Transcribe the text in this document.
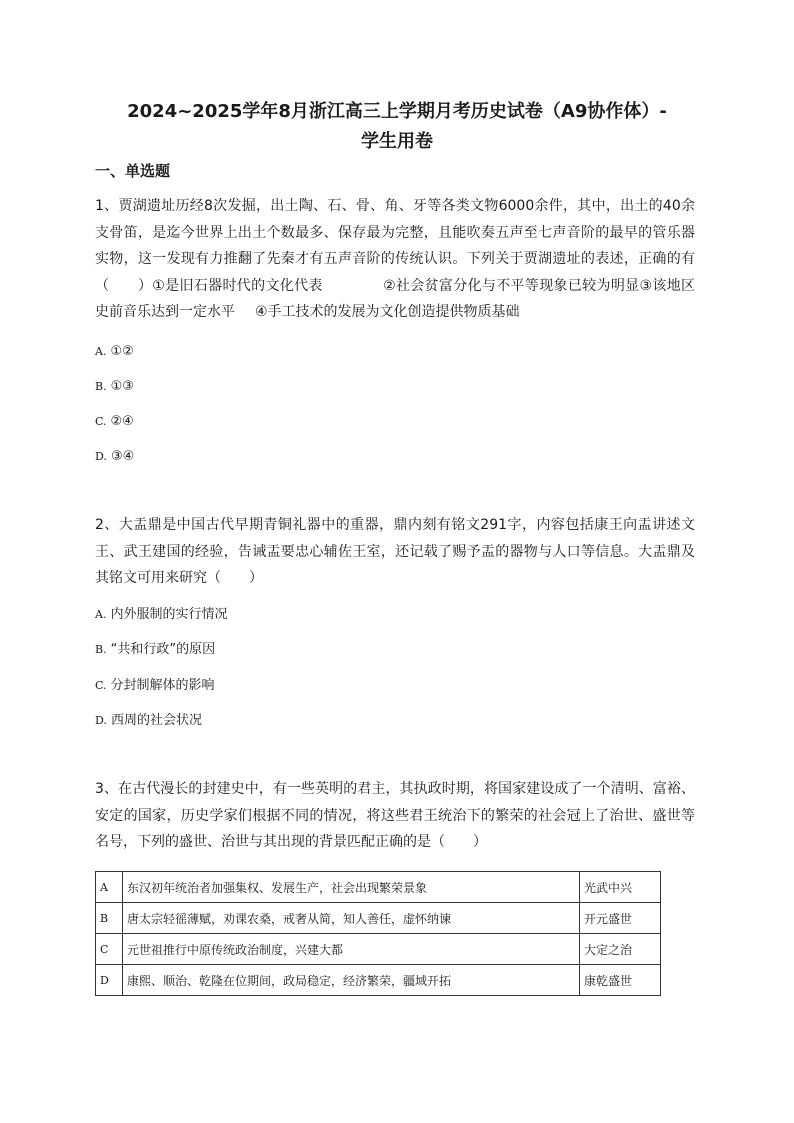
2024~2025学年8月浙江高三上学期月考历史试卷（A9协作体）-
学生用卷
一、单选题

1、贾湖遗址历经8次发掘，出土陶、石、骨、角、牙等各类文物6000余件，其中，出土的40余支骨笛，是迄今世界上出土个数最多、保存最为完整，且能吹奏五声至七声音阶的最早的管乐器实物，这一发现有力推翻了先秦才有五声音阶的传统认识。下列关于贾湖遗址的表述，正确的有（　　）①是旧石器时代的文化代表	②社会贫富分化与不平等现象已较为明显③该地区史前音乐达到一定水平 ④手工技术的发展为文化创造提供物质基础

A. ①②

B. ①③

C. ②④

D. ③④

2、大盂鼎是中国古代早期青铜礼器中的重器，鼎内刻有铭文291字，内容包括康王向盂讲述文王、武王建国的经验，告诫盂要忠心辅佐王室，还记载了赐予盂的器物与人口等信息。大盂鼎及其铭文可用来研究（　　）

A. 内外服制的实行情况

B. “共和行政”的原因

C. 分封制解体的影响

D. 西周的社会状况

3、在古代漫长的封建史中，有一些英明的君主，其执政时期，将国家建设成了一个清明、富裕、安定的国家，历史学家们根据不同的情况，将这些君王统治下的繁荣的社会冠上了治世、盛世等名号，下列的盛世、治世与其出现的背景匹配正确的是（　　）

A	东汉初年统治者加强集权、发展生产，社会出现繁荣景象	光武中兴
B	唐太宗轻徭薄赋，劝课农桑，戒奢从简，知人善任，虚怀纳谏	开元盛世
C	元世祖推行中原传统政治制度，兴建大都	大定之治
D	康熙、顺治、乾隆在位期间，政局稳定，经济繁荣，疆域开拓	康乾盛世
